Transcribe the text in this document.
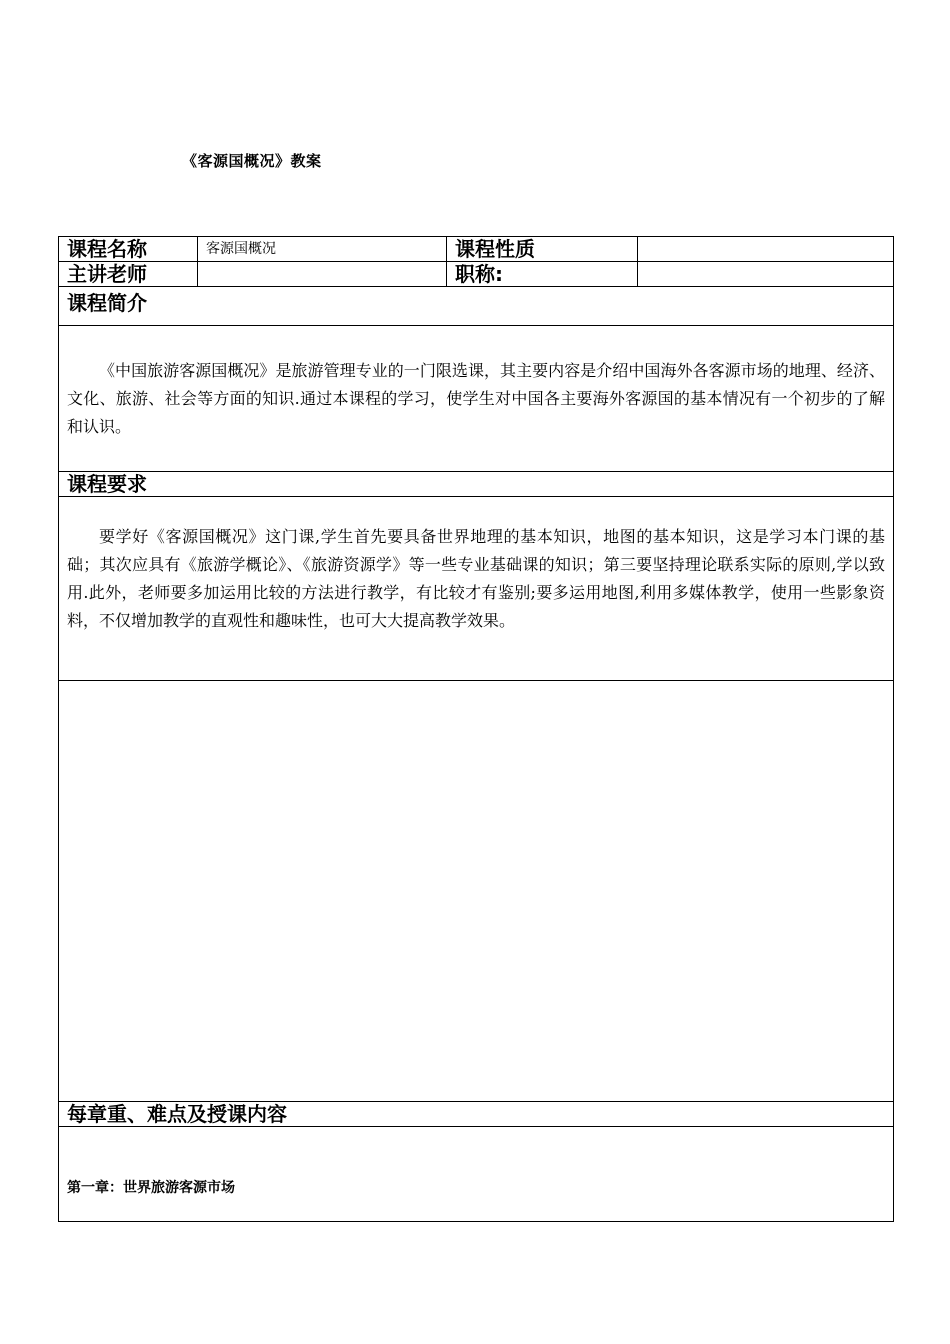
《客源国概况》教案
课程名称	客源国概况	课程性质	
主讲老师		职称:	
课程简介			

《中国旅游客源国概况》是旅游管理专业的一门限选课，其主要内容是介绍中国海外各客源市场的地理、经济、文化、旅游、社会等方面的知识.通过本课程的学习，使学生对中国各主要海外客源国的基本情况有一个初步的了解和认识。			

课程要求			

要学好《客源国概况》这门课,学生首先要具备世界地理的基本知识，地图的基本知识，这是学习本门课的基础；其次应具有《旅游学概论》、《旅游资源学》等一些专业基础课的知识；第三要坚持理论联系实际的原则,学以致用.此外，老师要多加运用比较的方法进行教学，有比较才有鉴别;要多运用地图,利用多媒体教学，使用一些影象资料，不仅增加教学的直观性和趣味性，也可大大提高教学效果。			

每章重、难点及授课内容			

第一章：世界旅游客源市场			
